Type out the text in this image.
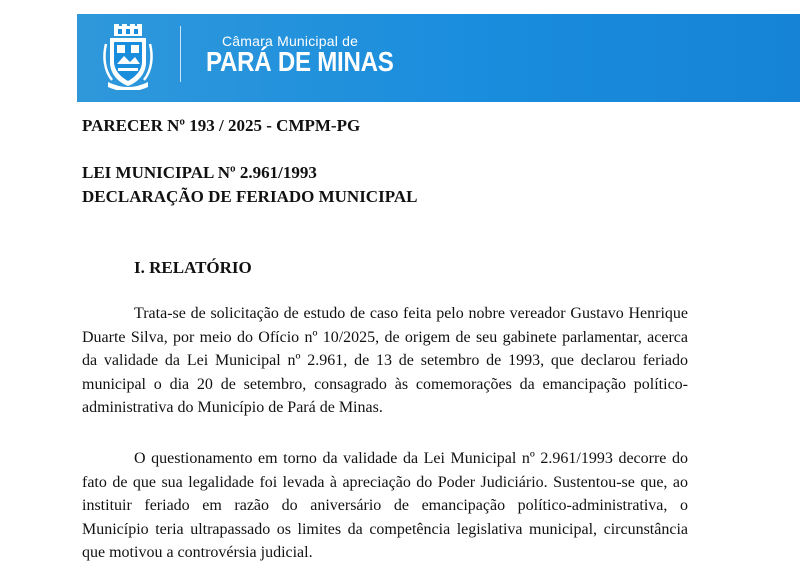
Câmara Municipal de
PARÁ DE MINAS
PARECER Nº 193 / 2025 - CMPM-PG
LEI MUNICIPAL Nº 2.961/1993
DECLARAÇÃO DE FERIADO MUNICIPAL
I. RELATÓRIO
Trata-se de solicitação de estudo de caso feita pelo nobre vereador Gustavo Henrique
Duarte Silva, por meio do Ofício nº 10/2025, de origem de seu gabinete parlamentar, acerca
da validade da Lei Municipal nº 2.961, de 13 de setembro de 1993, que declarou feriado
municipal o dia 20 de setembro, consagrado às comemorações da emancipação político-
administrativa do Município de Pará de Minas.
O questionamento em torno da validade da Lei Municipal nº 2.961/1993 decorre do
fato de que sua legalidade foi levada à apreciação do Poder Judiciário. Sustentou-se que, ao
instituir feriado em razão do aniversário de emancipação político-administrativa, o
Município teria ultrapassado os limites da competência legislativa municipal, circunstância
que motivou a controvérsia judicial.
